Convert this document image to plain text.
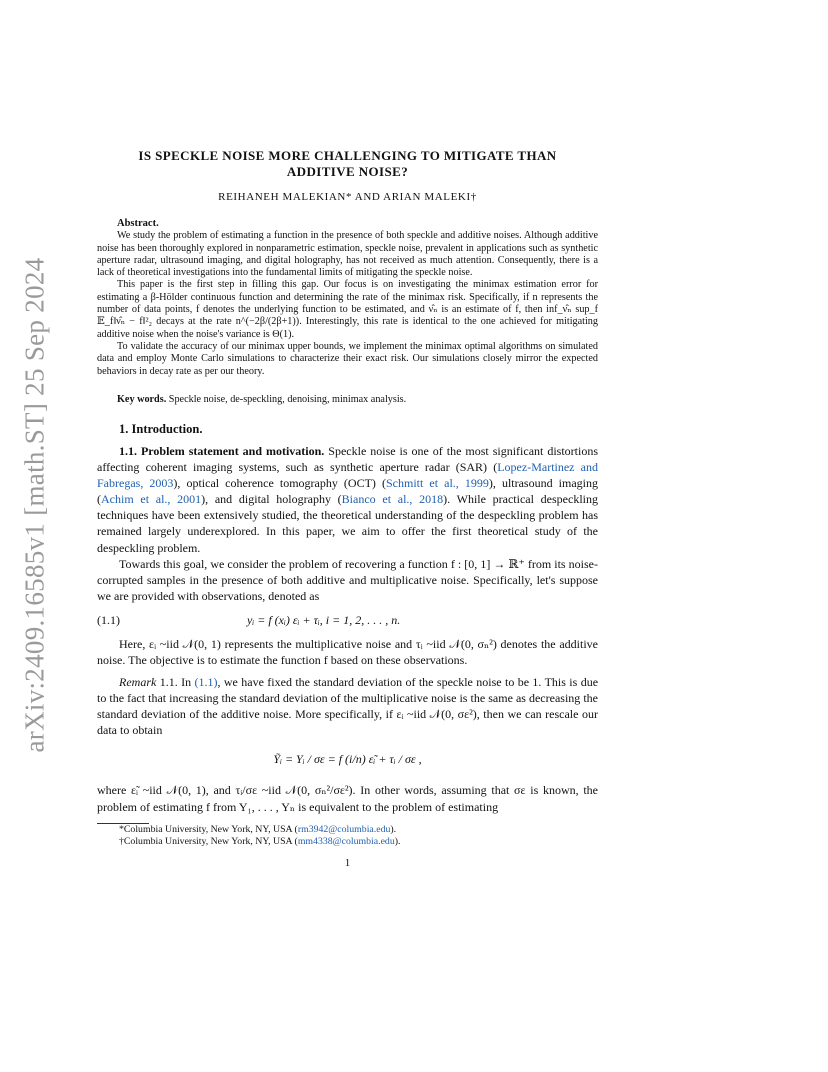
arXiv:2409.16585v1 [math.ST] 25 Sep 2024
IS SPECKLE NOISE MORE CHALLENGING TO MITIGATE THAN
ADDITIVE NOISE?
REIHANEH MALEKIAN* AND ARIAN MALEKI†
Abstract.

We study the problem of estimating a function in the presence of both speckle and additive noises. Although additive noise has been thoroughly explored in nonparametric estimation, speckle noise, prevalent in applications such as synthetic aperture radar, ultrasound imaging, and digital holography, has not received as much attention. Consequently, there is a lack of theoretical investigations into the fundamental limits of mitigating the speckle noise.

This paper is the first step in filling this gap. Our focus is on investigating the minimax estimation error for estimating a β-Hölder continuous function and determining the rate of the minimax risk. Specifically, if n represents the number of data points, f denotes the underlying function to be estimated, and ν̂ₙ is an estimate of f, then inf_ν̂ₙ sup_f 𝔼_f‖ν̂ₙ − f‖²₂ decays at the rate n^(−2β/(2β+1)). Interestingly, this rate is identical to the one achieved for mitigating additive noise when the noise's variance is Θ(1).

To validate the accuracy of our minimax upper bounds, we implement the minimax optimal algorithms on simulated data and employ Monte Carlo simulations to characterize their exact risk. Our simulations closely mirror the expected behaviors in decay rate as per our theory.

Key words. Speckle noise, de-speckling, denoising, minimax analysis.
1. Introduction.

1.1. Problem statement and motivation. Speckle noise is one of the most significant distortions affecting coherent imaging systems, such as synthetic aperture radar (SAR) (Lopez-Martinez and Fabregas, 2003), optical coherence tomography (OCT) (Schmitt et al., 1999), ultrasound imaging (Achim et al., 2001), and digital holography (Bianco et al., 2018). While practical despeckling techniques have been extensively studied, the theoretical understanding of the despeckling problem has remained largely underexplored. In this paper, we aim to offer the first theoretical study of the despeckling problem.

Towards this goal, we consider the problem of recovering a function f : [0, 1] → ℝ⁺ from its noise-corrupted samples in the presence of both additive and multiplicative noise. Specifically, let's suppose we are provided with observations, denoted as

(1.1)	yᵢ = f (xᵢ) εᵢ + τᵢ, i = 1, 2, . . . , n.

Here, εᵢ ~iid 𝒩(0, 1) represents the multiplicative noise and τᵢ ~iid 𝒩(0, σₙ²) denotes the additive noise. The objective is to estimate the function f based on these observations.

Remark 1.1. In (1.1), we have fixed the standard deviation of the speckle noise to be 1. This is due to the fact that increasing the standard deviation of the multiplicative noise is the same as decreasing the standard deviation of the additive noise. More specifically, if εᵢ ~iid 𝒩(0, σε²), then we can rescale our data to obtain

Ỹᵢ = Yᵢ / σε = f (i/n) ε̃ᵢ + τᵢ / σε ,

where ε̃ᵢ ~iid 𝒩(0, 1), and τᵢ/σε ~iid 𝒩(0, σₙ²/σε²). In other words, assuming that σε is known, the problem of estimating f from Y₁, . . . , Yₙ is equivalent to the problem of estimating

*Columbia University, New York, NY, USA (rm3942@columbia.edu).
†Columbia University, New York, NY, USA (mm4338@columbia.edu).
1
